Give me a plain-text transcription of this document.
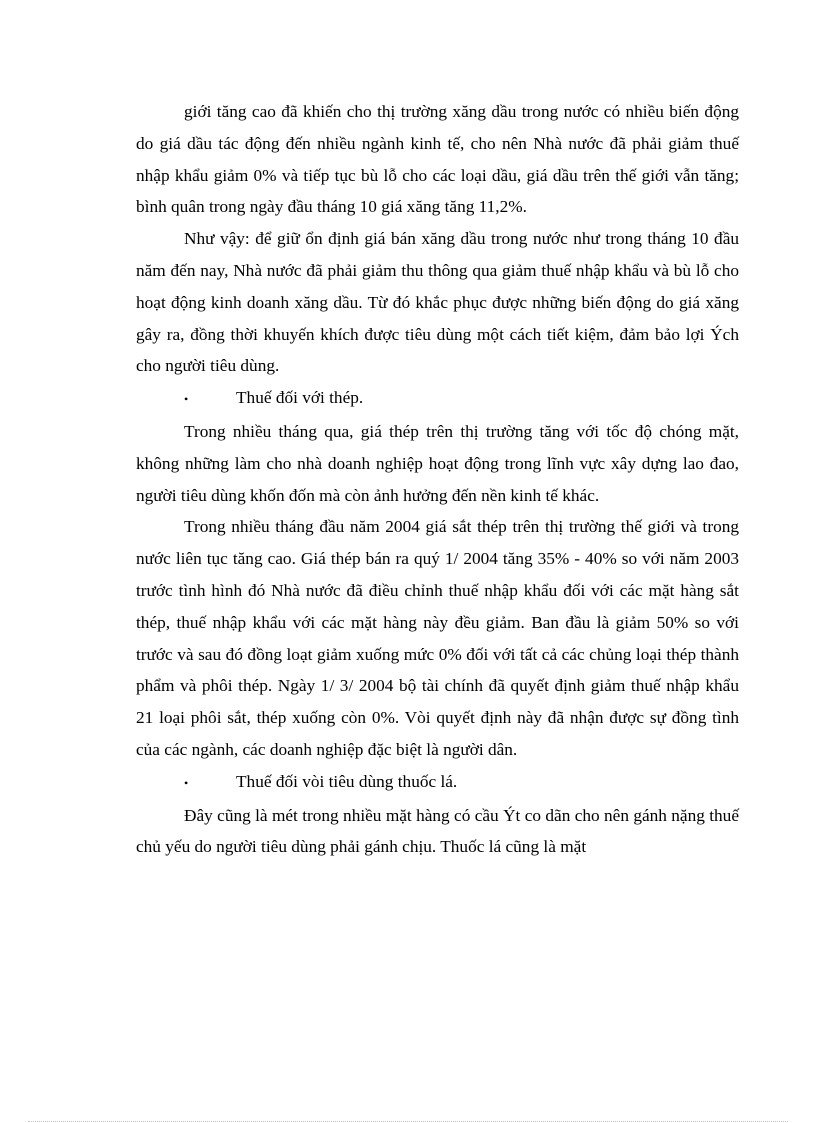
giới tăng cao đã khiến cho thị trường xăng dầu trong nước có nhiều biến động do giá dầu tác động đến nhiều ngành kinh tế, cho nên Nhà nước đã phải giảm thuế nhập khẩu giảm 0% và tiếp tục bù lỗ cho các loại dầu, giá dầu trên thế giới vẫn tăng; bình quân trong ngày đầu tháng 10 giá xăng tăng 11,2%.

Như vậy: để giữ ổn định giá bán xăng dầu trong nước như trong tháng 10 đầu năm đến nay, Nhà nước đã phải giảm thu thông qua giảm thuế nhập khẩu và bù lỗ cho hoạt động kinh doanh xăng dầu. Từ đó khắc phục được những biến động do giá xăng gây ra, đồng thời khuyến khích được tiêu dùng một cách tiết kiệm, đảm bảo lợi Ých cho người tiêu dùng.

•	Thuế đối với thép.

Trong nhiều tháng qua, giá thép trên thị trường tăng với tốc độ chóng mặt, không những làm cho nhà doanh nghiệp hoạt động trong lĩnh vực xây dựng lao đao, người tiêu dùng khốn đốn mà còn ảnh hưởng đến nền kinh tế khác.

Trong nhiều tháng đầu năm 2004 giá sắt thép trên thị trường thế giới và trong nước liên tục tăng cao. Giá thép bán ra quý 1/ 2004 tăng 35% - 40% so với năm 2003 trước tình hình đó Nhà nước đã điều chỉnh thuế nhập khẩu đối với các mặt hàng sắt thép, thuế nhập khẩu với các mặt hàng này đều giảm. Ban đầu là giảm 50% so với trước và sau đó đồng loạt giảm xuống mức 0% đối với tất cả các chủng loại thép thành phẩm và phôi thép. Ngày 1/ 3/ 2004 bộ tài chính đã quyết định giảm thuế nhập khẩu 21 loại phôi sắt, thép xuống còn 0%. Vòi quyết định này đã nhận được sự đồng tình của các ngành, các doanh nghiệp đặc biệt là người dân.

•	Thuế đối vòi tiêu dùng thuốc lá.

Đây cũng là mét trong nhiều mặt hàng có cầu Ýt co dãn cho nên gánh nặng thuế chủ yếu do người tiêu dùng phải gánh chịu. Thuốc lá cũng là mặt
